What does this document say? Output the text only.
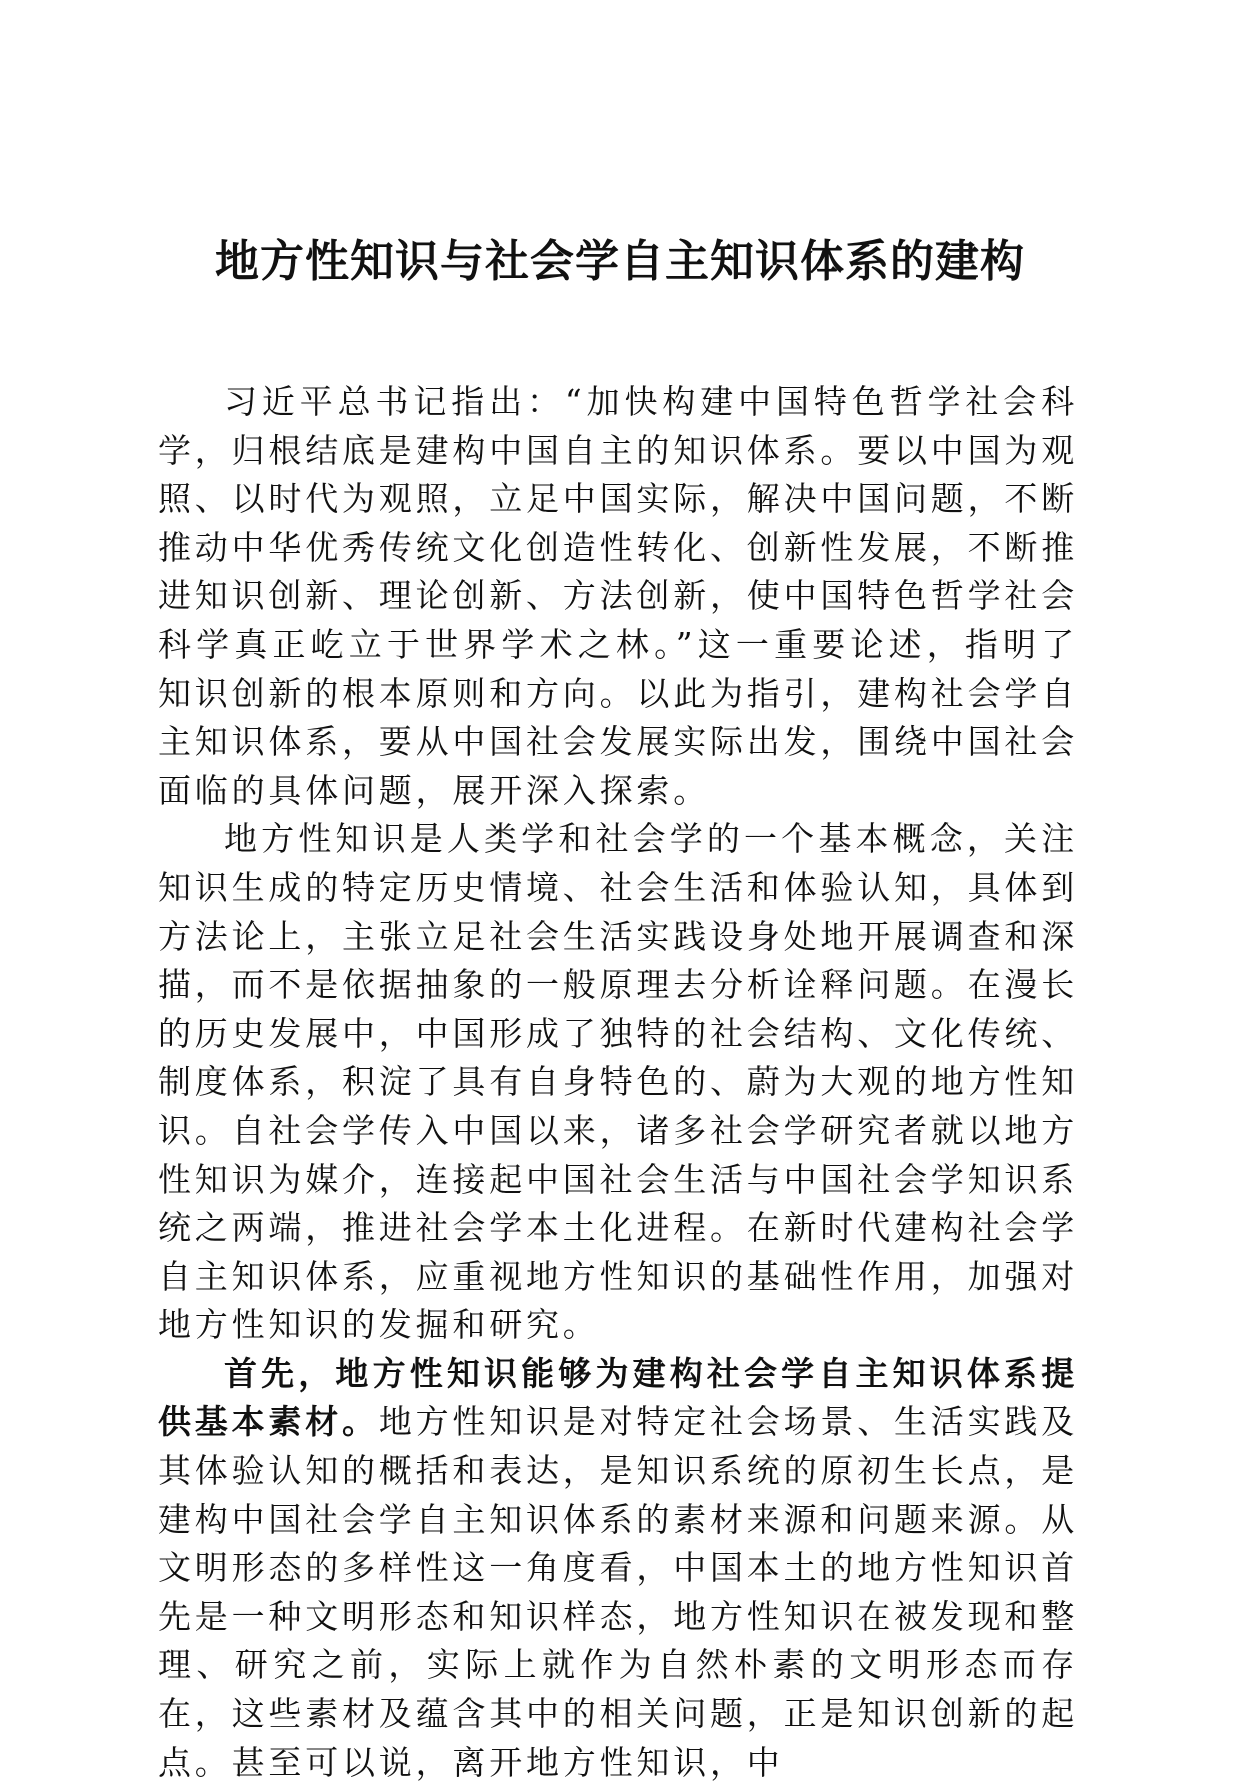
地方性知识与社会学自主知识体系的建构

习近平总书记指出：“加快构建中国特色哲学社会科学，归根结底是建构中国自主的知识体系。要以中国为观照、以时代为观照，立足中国实际，解决中国问题，不断推动中华优秀传统文化创造性转化、创新性发展，不断推进知识创新、理论创新、方法创新，使中国特色哲学社会科学真正屹立于世界学术之林。”这一重要论述，指明了知识创新的根本原则和方向。以此为指引，建构社会学自主知识体系，要从中国社会发展实际出发，围绕中国社会面临的具体问题，展开深入探索。

地方性知识是人类学和社会学的一个基本概念，关注知识生成的特定历史情境、社会生活和体验认知，具体到方法论上，主张立足社会生活实践设身处地开展调查和深描，而不是依据抽象的一般原理去分析诠释问题。在漫长的历史发展中，中国形成了独特的社会结构、文化传统、制度体系，积淀了具有自身特色的、蔚为大观的地方性知识。自社会学传入中国以来，诸多社会学研究者就以地方性知识为媒介，连接起中国社会生活与中国社会学知识系统之两端，推进社会学本土化进程。在新时代建构社会学自主知识体系，应重视地方性知识的基础性作用，加强对地方性知识的发掘和研究。

首先，地方性知识能够为建构社会学自主知识体系提供基本素材。地方性知识是对特定社会场景、生活实践及其体验认知的概括和表达，是知识系统的原初生长点，是建构中国社会学自主知识体系的素材来源和问题来源。从文明形态的多样性这一角度看，中国本土的地方性知识首先是一种文明形态和知识样态，地方性知识在被发现和整理、研究之前，实际上就作为自然朴素的文明形态而存在，这些素材及蕴含其中的相关问题，正是知识创新的起点。甚至可以说，离开地方性知识，中
